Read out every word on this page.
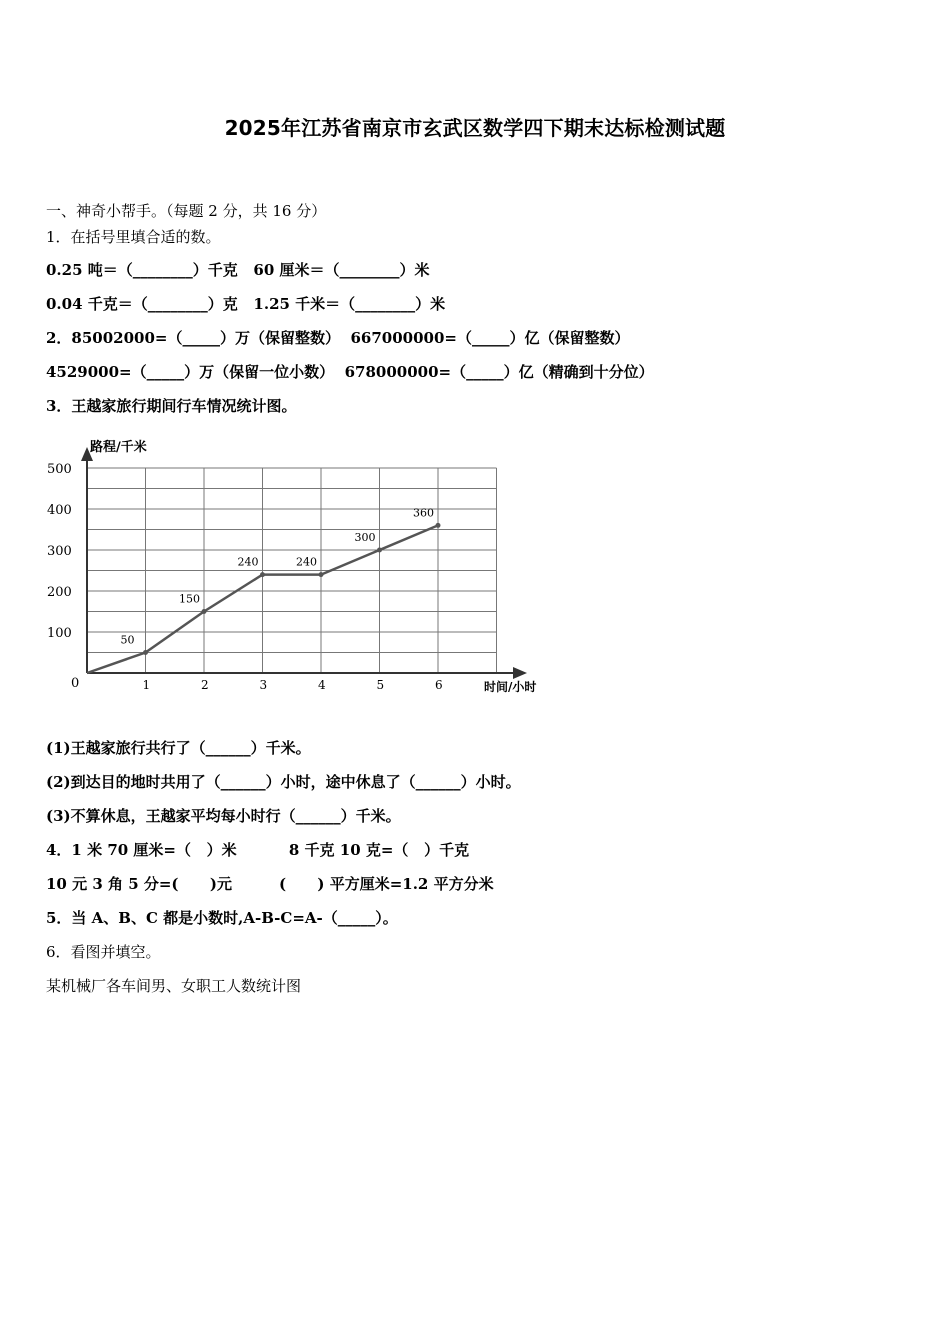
2025年江苏省南京市玄武区数学四下期末达标检测试题
一、神奇小帮手。（每题 2 分，共 16 分）
1．在括号里填合适的数。
0.25 吨＝（________）千克   60 厘米＝（________）米
0.04 千克＝（________）克   1.25 千米＝（________）米
2．85002000=（_____）万（保留整数）  667000000=（_____）亿（保留整数）
4529000=（_____）万（保留一位小数）  678000000=（_____）亿（精确到十分位）
3．王越家旅行期间行车情况统计图。
路程/千米
时间/小时
0
100
200
300
400
500
1	2	3	4	5	6
50
150
240	240
300
360
(1)王越家旅行共行了（______）千米。
(2)到达目的地时共用了（______）小时，途中休息了（______）小时。
(3)不算休息，王越家平均每小时行（______）千米。
4．1 米 70 厘米=（   ）米          8 千克 10 克=（   ）千克
10 元 3 角 5 分=(      )元         (      ) 平方厘米=1.2 平方分米
5．当 A、B、C 都是小数时,A-B-C=A-（_____）。
6．看图并填空。
某机械厂各车间男、女职工人数统计图
